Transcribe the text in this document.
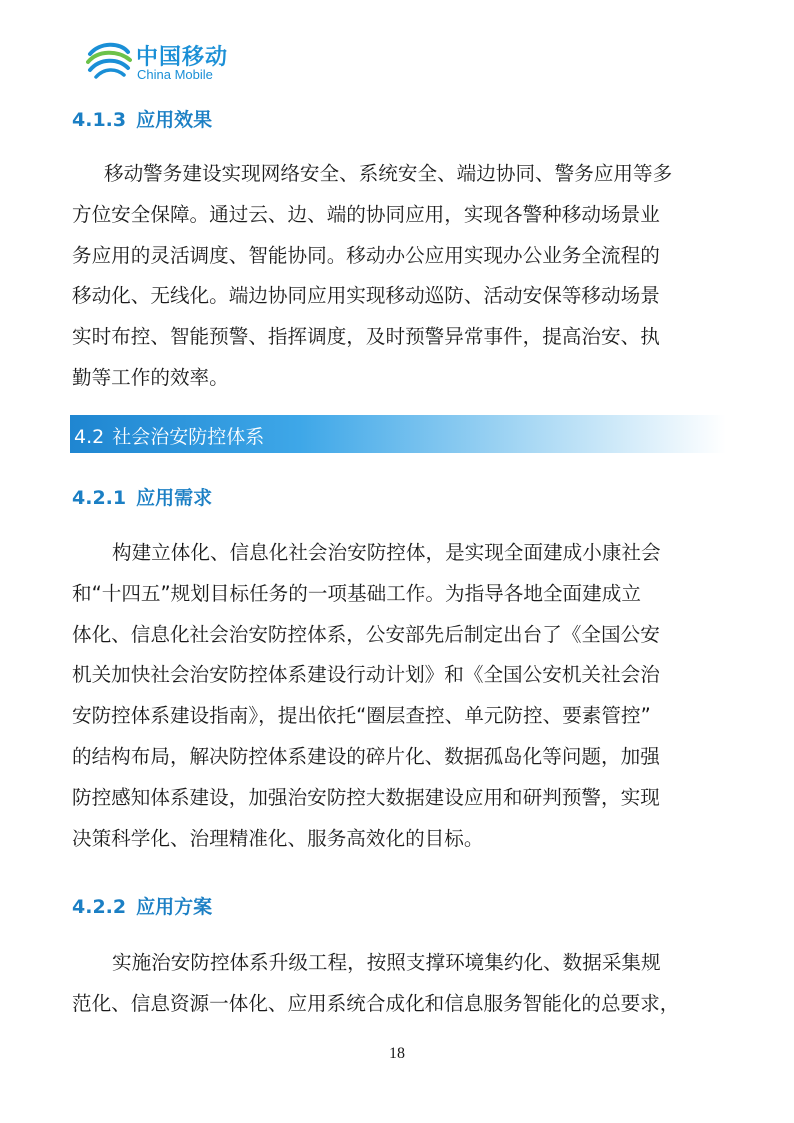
中国移动
China Mobile
4.1.3 应用效果
移动警务建设实现网络安全、系统安全、端边协同、警务应用等多
方位安全保障。通过云、边、端的协同应用，实现各警种移动场景业
务应用的灵活调度、智能协同。移动办公应用实现办公业务全流程的
移动化、无线化。端边协同应用实现移动巡防、活动安保等移动场景
实时布控、智能预警、指挥调度，及时预警异常事件，提高治安、执
勤等工作的效率。
4.2 社会治安防控体系
4.2.1 应用需求
构建立体化、信息化社会治安防控体，是实现全面建成小康社会
和“十四五”规划目标任务的一项基础工作。为指导各地全面建成立
体化、信息化社会治安防控体系，公安部先后制定出台了《全国公安
机关加快社会治安防控体系建设行动计划》和《全国公安机关社会治
安防控体系建设指南》，提出依托“圈层查控、单元防控、要素管控”
的结构布局，解决防控体系建设的碎片化、数据孤岛化等问题，加强
防控感知体系建设，加强治安防控大数据建设应用和研判预警，实现
决策科学化、治理精准化、服务高效化的目标。
4.2.2 应用方案
实施治安防控体系升级工程，按照支撑环境集约化、数据采集规
范化、信息资源一体化、应用系统合成化和信息服务智能化的总要求，
18
